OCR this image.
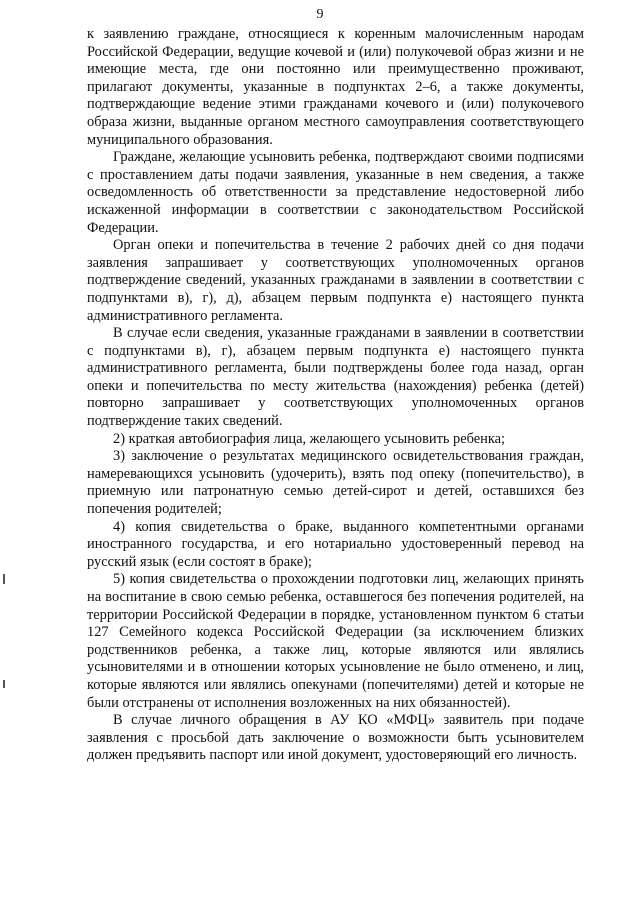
9

к заявлению граждане, относящиеся к коренным малочисленным народам Российской Федерации, ведущие кочевой и (или) полукочевой образ жизни и не имеющие места, где они постоянно или преимущественно проживают, прилагают документы, указанные в подпунктах 2–6, а также документы, подтверждающие ведение этими гражданами кочевого и (или) полукочевого образа жизни, выданные органом местного самоуправления соответствующего муниципального образования.

Граждане, желающие усыновить ребенка, подтверждают своими подписями с проставлением даты подачи заявления, указанные в нем сведения, а также осведомленность об ответственности за представление недостоверной либо искаженной информации в соответствии с законодательством Российской Федерации.

Орган опеки и попечительства в течение 2 рабочих дней со дня подачи заявления запрашивает у соответствующих уполномоченных органов подтверждение сведений, указанных гражданами в заявлении в соответствии с подпунктами в), г), д), абзацем первым подпункта е) настоящего пункта административного регламента.

В случае если сведения, указанные гражданами в заявлении в соответствии с подпунктами в), г), абзацем первым подпункта е) настоящего пункта административного регламента, были подтверждены более года назад, орган опеки и попечительства по месту жительства (нахождения) ребенка (детей) повторно запрашивает у соответствующих уполномоченных органов подтверждение таких сведений.

2) краткая автобиография лица, желающего усыновить ребенка;

3) заключение о результатах медицинского освидетельствования граждан, намеревающихся усыновить (удочерить), взять под опеку (попечительство), в приемную или патронатную семью детей-сирот и детей, оставшихся без попечения родителей;

4) копия свидетельства о браке, выданного компетентными органами иностранного государства, и его нотариально удостоверенный перевод на русский язык (если состоят в браке);

5) копия свидетельства о прохождении подготовки лиц, желающих принять на воспитание в свою семью ребенка, оставшегося без попечения родителей, на территории Российской Федерации в порядке, установленном пунктом 6 статьи 127 Семейного кодекса Российской Федерации (за исключением близких родственников ребенка, а также лиц, которые являются или являлись усыновителями и в отношении которых усыновление не было отменено, и лиц, которые являются или являлись опекунами (попечителями) детей и которые не были отстранены от исполнения возложенных на них обязанностей).

В случае личного обращения в АУ КО «МФЦ» заявитель при подаче заявления с просьбой дать заключение о возможности быть усыновителем должен предъявить паспорт или иной документ, удостоверяющий его личность.
